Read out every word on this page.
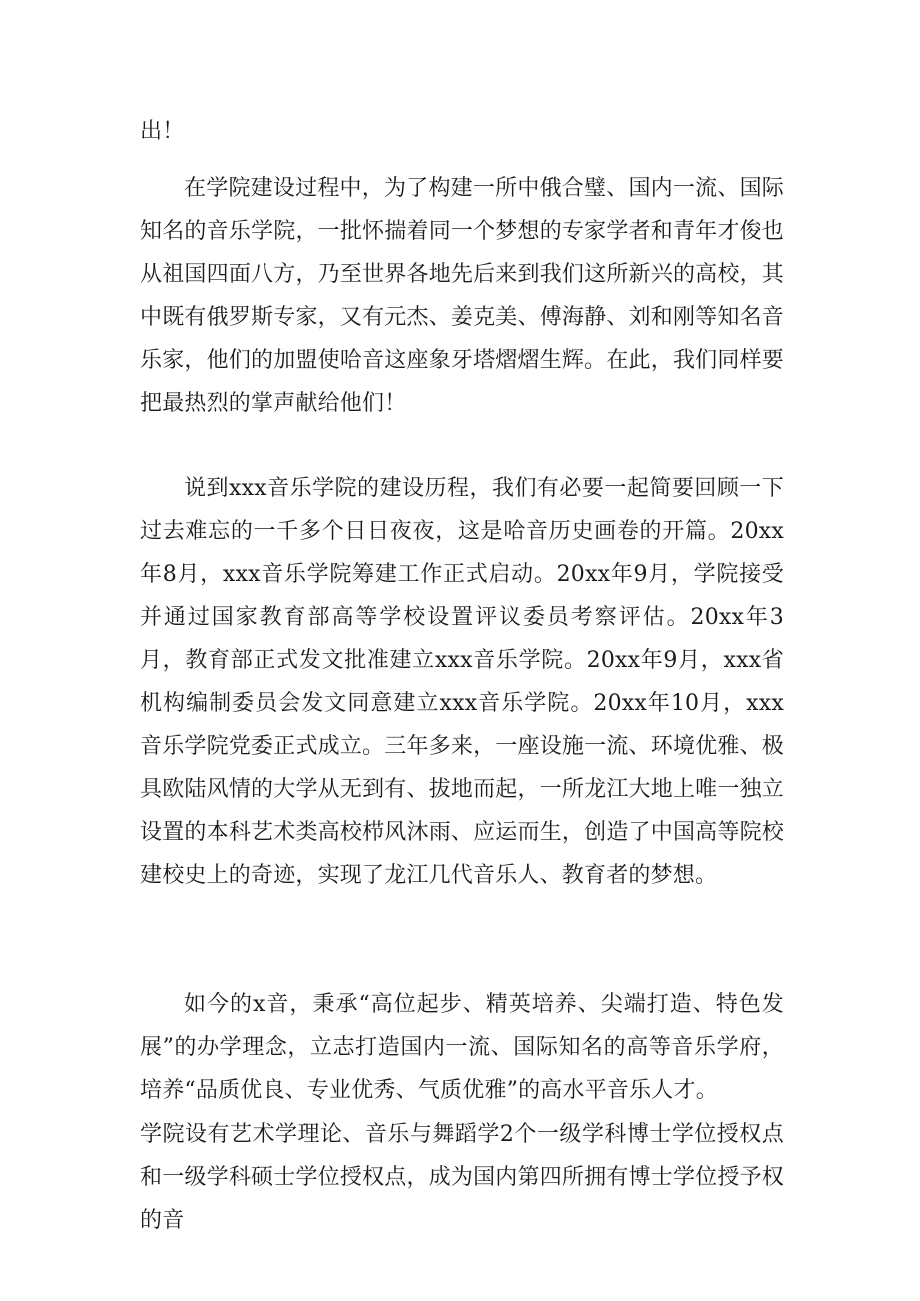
出！

在学院建设过程中，为了构建一所中俄合璧、国内一流、国际知名的音乐学院，一批怀揣着同一个梦想的专家学者和青年才俊也从祖国四面八方，乃至世界各地先后来到我们这所新兴的高校，其中既有俄罗斯专家，又有元杰、姜克美、傅海静、刘和刚等知名音乐家，他们的加盟使哈音这座象牙塔熠熠生辉。在此，我们同样要把最热烈的掌声献给他们！

说到xxx音乐学院的建设历程，我们有必要一起简要回顾一下过去难忘的一千多个日日夜夜，这是哈音历史画卷的开篇。20xx年8月，xxx音乐学院筹建工作正式启动。20xx年9月，学院接受并通过国家教育部高等学校设置评议委员考察评估。20xx年3月，教育部正式发文批准建立xxx音乐学院。20xx年9月，xxx省机构编制委员会发文同意建立xxx音乐学院。20xx年10月，xxx音乐学院党委正式成立。三年多来，一座设施一流、环境优雅、极具欧陆风情的大学从无到有、拔地而起，一所龙江大地上唯一独立设置的本科艺术类高校栉风沐雨、应运而生，创造了中国高等院校建校史上的奇迹，实现了龙江几代音乐人、教育者的梦想。

如今的x音，秉承“高位起步、精英培养、尖端打造、特色发展”的办学理念，立志打造国内一流、国际知名的高等音乐学府，培养“品质优良、专业优秀、气质优雅”的高水平音乐人才。

学院设有艺术学理论、音乐与舞蹈学2个一级学科博士学位授权点和一级学科硕士学位授权点，成为国内第四所拥有博士学位授予权的音
